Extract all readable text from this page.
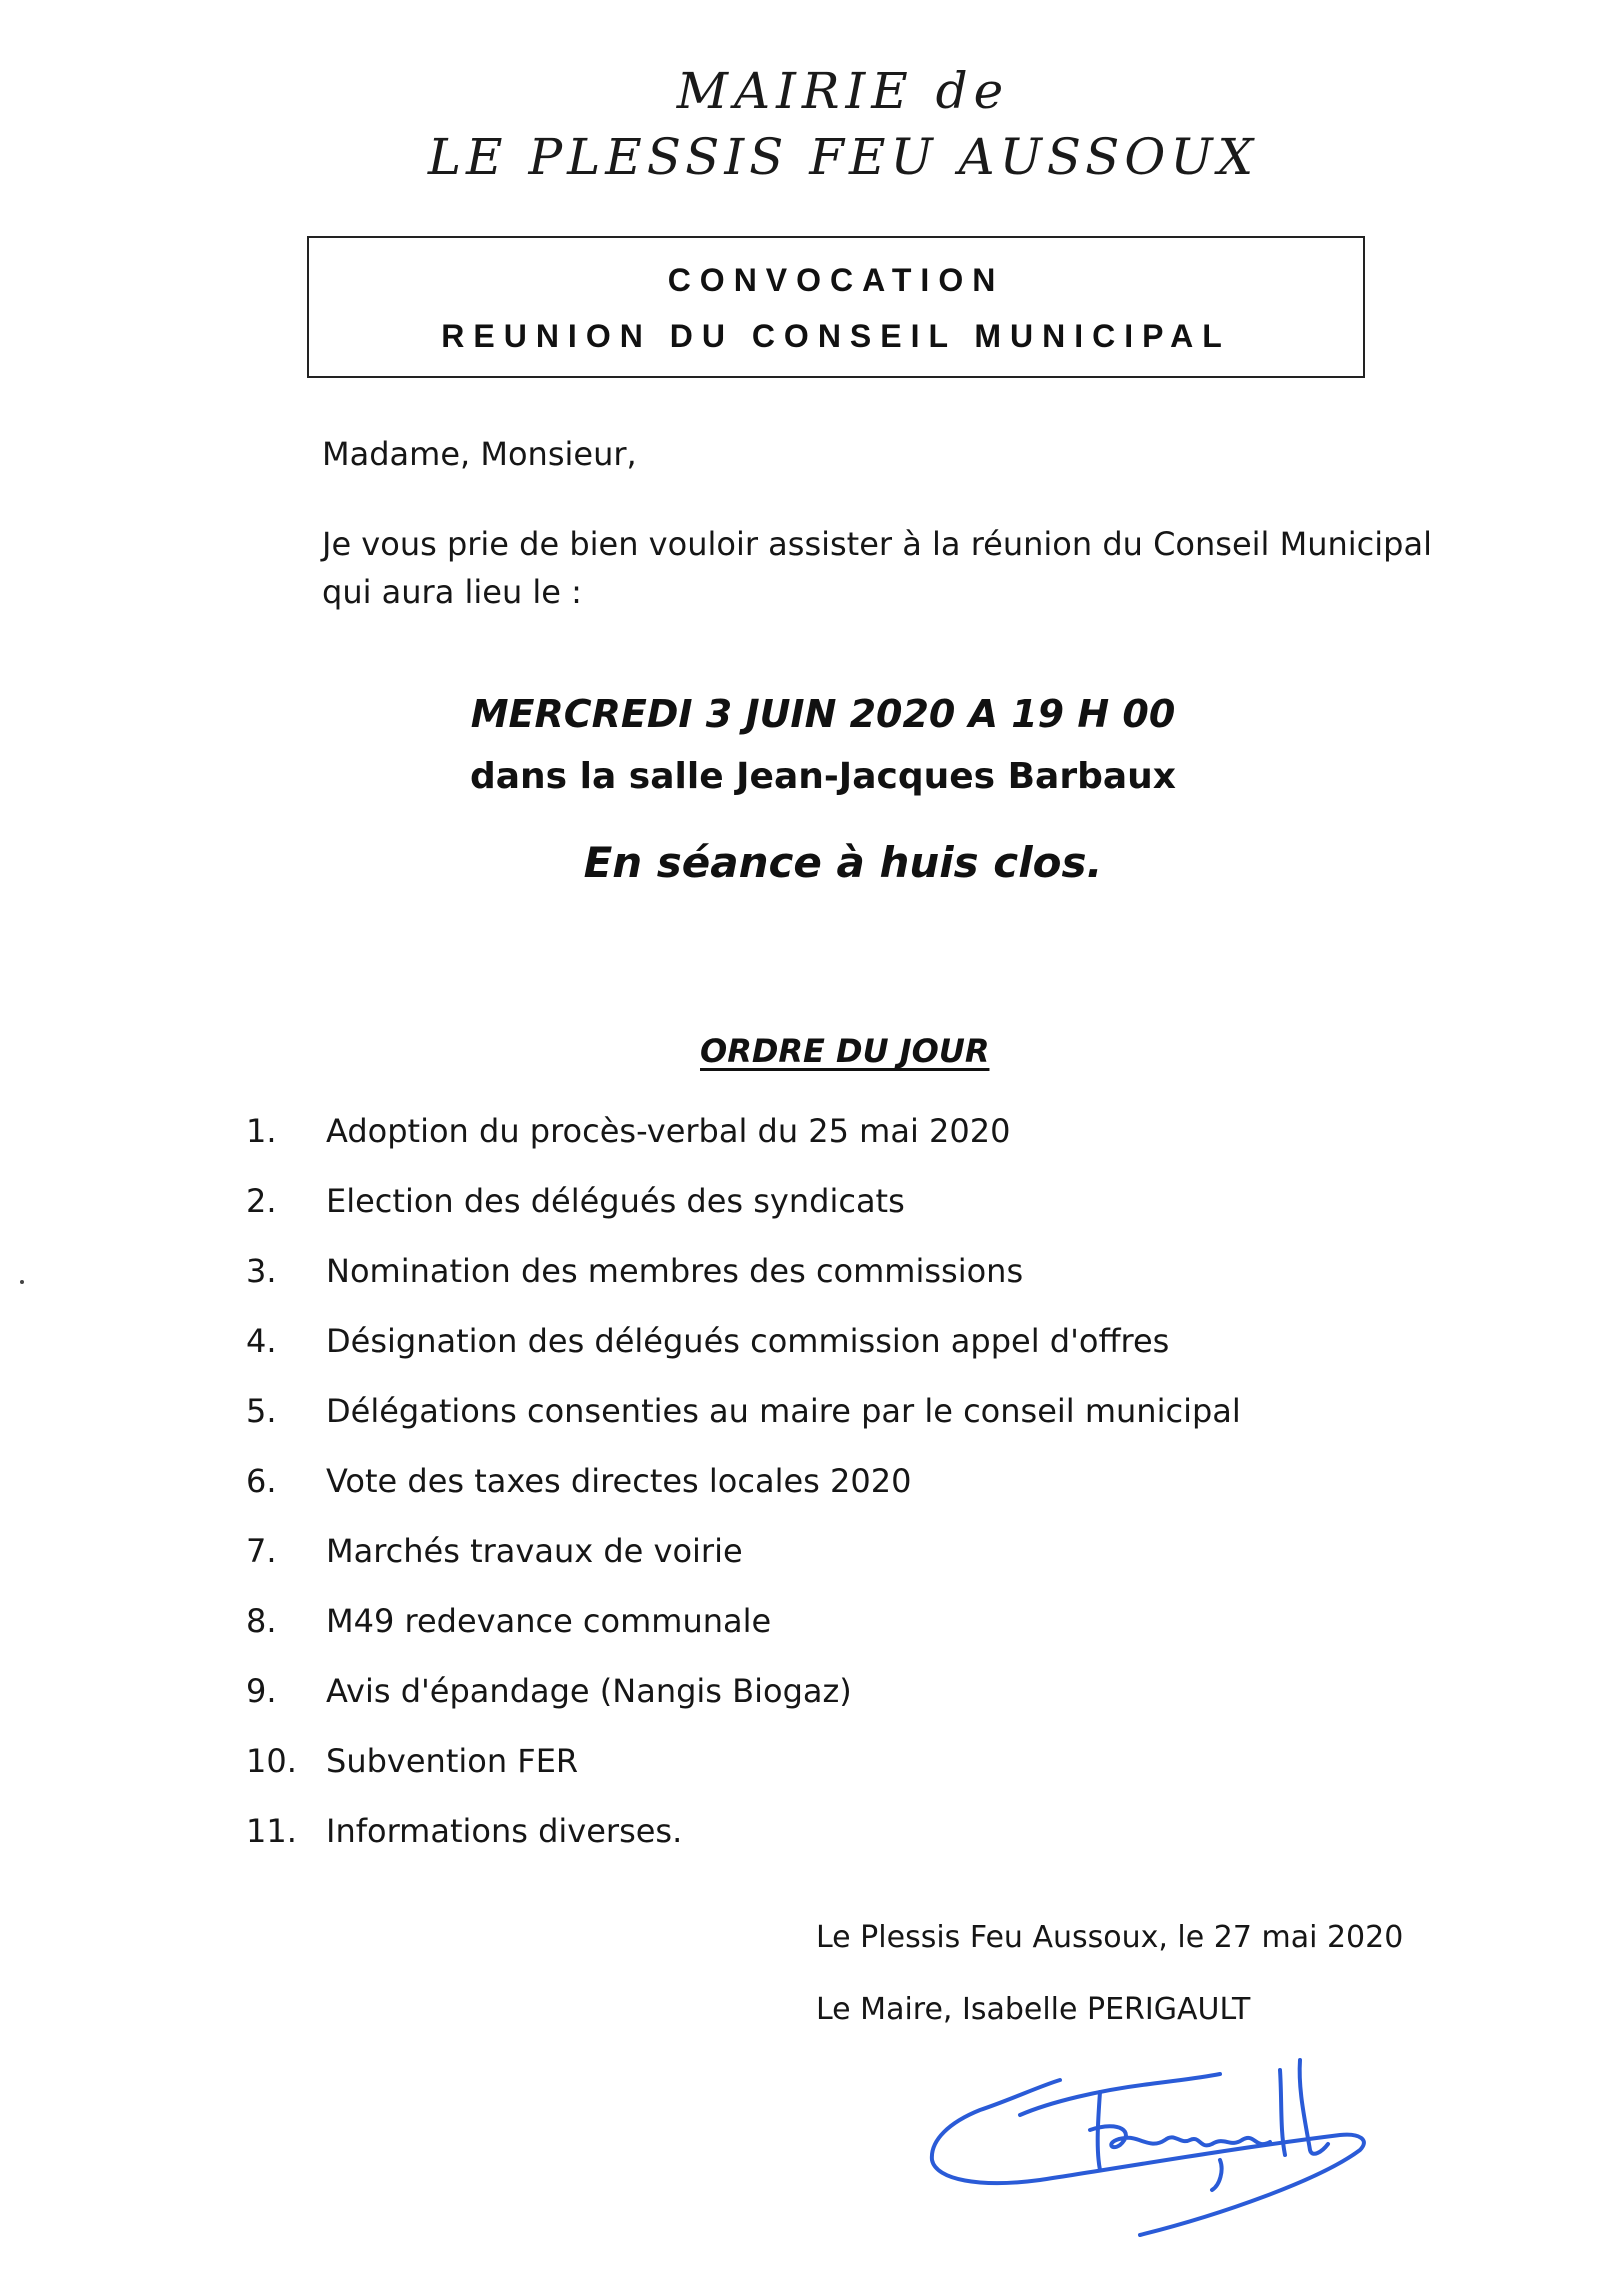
MAIRIE de
LE PLESSIS FEU AUSSOUX
CONVOCATION
REUNION DU CONSEIL MUNICIPAL
Madame, Monsieur,
Je vous prie de bien vouloir assister à la réunion du Conseil Municipal qui aura lieu le :
MERCREDI 3 JUIN 2020 A 19 H 00
dans la salle Jean-Jacques Barbaux
En séance à huis clos.
ORDRE DU JOUR
1.	Adoption du procès-verbal du 25 mai 2020
2.	Election des délégués des syndicats
3.	Nomination des membres des commissions
4.	Désignation des délégués commission appel d'offres
5.	Délégations consenties au maire par le conseil municipal
6.	Vote des taxes directes locales 2020
7.	Marchés travaux de voirie
8.	M49 redevance communale
9.	Avis d'épandage (Nangis Biogaz)
10. Subvention FER
11. Informations diverses.
Le Plessis Feu Aussoux, le 27 mai 2020
Le Maire, Isabelle PERIGAULT
